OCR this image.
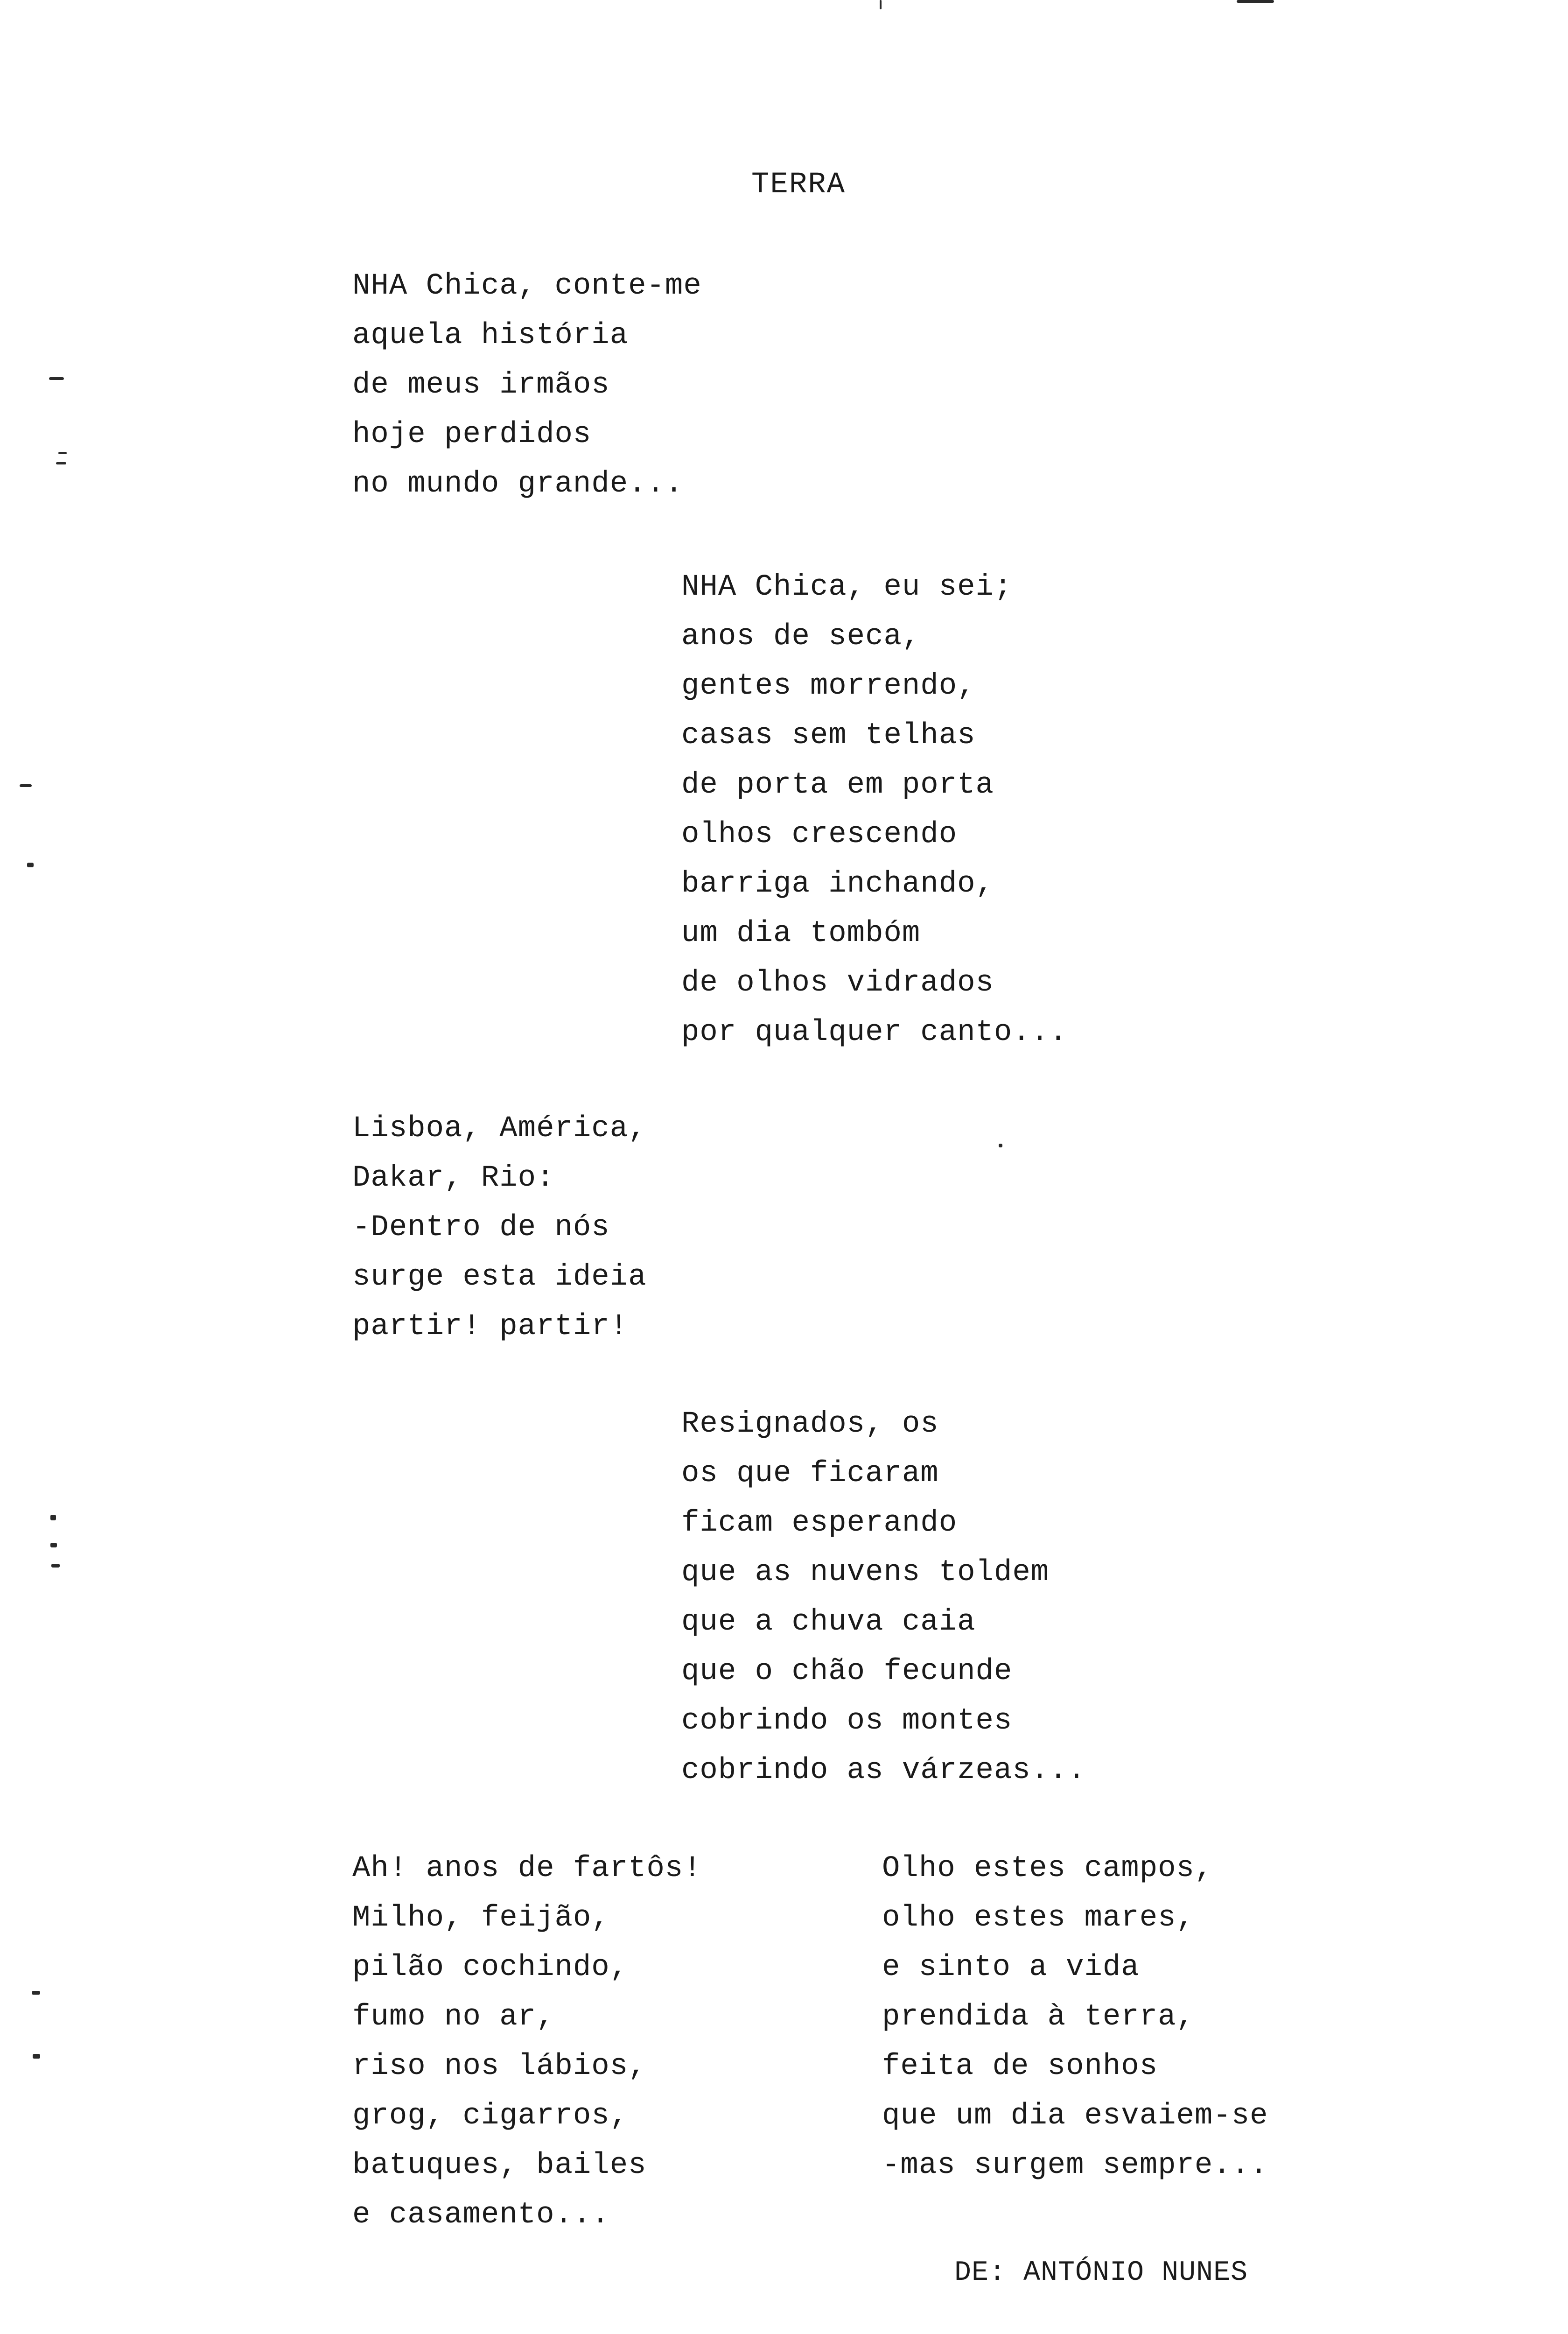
TERRA
NHA Chica, conte-me
aquela história
de meus irmãos
hoje perdidos
no mundo grande...
NHA Chica, eu sei;
anos de seca,
gentes morrendo,
casas sem telhas
de porta em porta
olhos crescendo
barriga inchando,
um dia tombóm
de olhos vidrados
por qualquer canto...
Lisboa, América,
Dakar, Rio:
-Dentro de nós
surge esta ideia
partir! partir!
Resignados, os
os que ficaram
ficam esperando
que as nuvens toldem
que a chuva caia
que o chão fecunde
cobrindo os montes
cobrindo as várzeas...
Ah! anos de fartôs!
Milho, feijão,
pilão cochindo,
fumo no ar,
riso nos lábios,
grog, cigarros,
batuques, bailes
e casamento...
Olho estes campos,
olho estes mares,
e sinto a vida
prendida à terra,
feita de sonhos
que um dia esvaiem-se
-mas surgem sempre...
DE: ANTÓNIO NUNES
